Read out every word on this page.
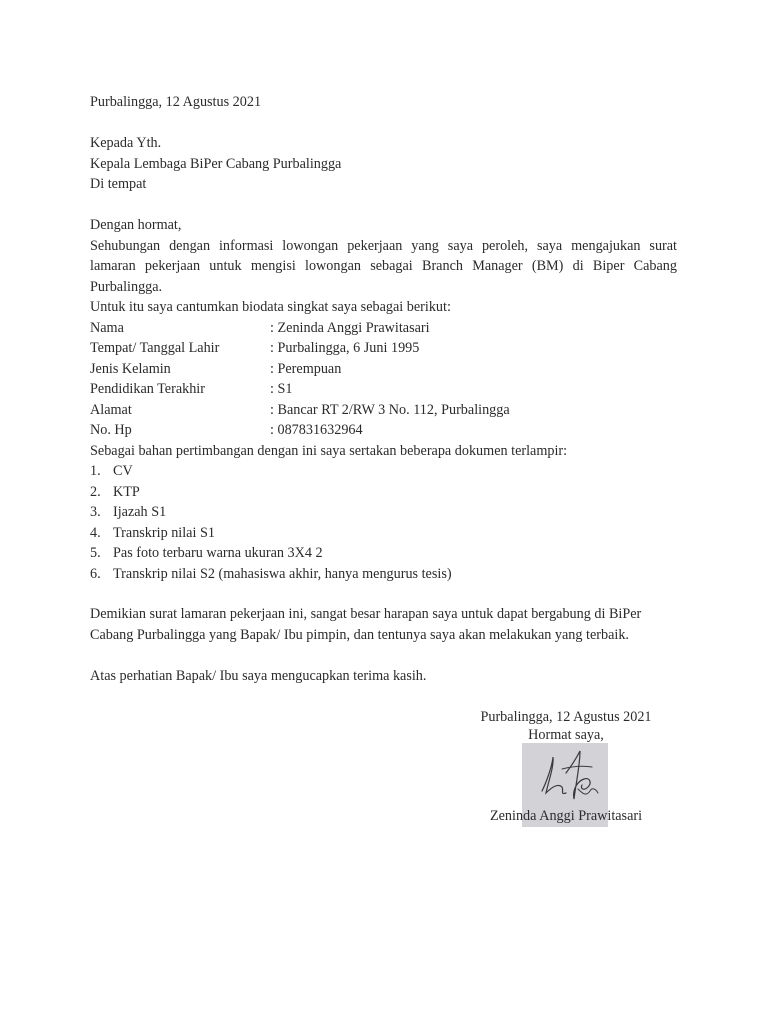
Purbalingga, 12 Agustus 2021
Kepada Yth.
Kepala Lembaga BiPer Cabang Purbalingga
Di tempat
Dengan hormat,
Sehubungan dengan informasi lowongan pekerjaan yang saya peroleh, saya mengajukan surat
lamaran pekerjaan untuk mengisi lowongan sebagai Branch Manager (BM) di Biper Cabang
Purbalingga.
Untuk itu saya cantumkan biodata singkat saya sebagai berikut:
Nama	: Zeninda Anggi Prawitasari
Tempat/ Tanggal Lahir	: Purbalingga, 6 Juni 1995
Jenis Kelamin	: Perempuan
Pendidikan Terakhir	: S1
Alamat	: Bancar RT 2/RW 3 No. 112, Purbalingga
No. Hp	: 087831632964
Sebagai bahan pertimbangan dengan ini saya sertakan beberapa dokumen terlampir:
1. CV
2. KTP
3. Ijazah S1
4. Transkrip nilai S1
5. Pas foto terbaru warna ukuran 3X4 2
6. Transkrip nilai S2 (mahasiswa akhir, hanya mengurus tesis)
Demikian surat lamaran pekerjaan ini, sangat besar harapan saya untuk dapat bergabung di BiPer
Cabang Purbalingga yang Bapak/ Ibu pimpin, dan tentunya saya akan melakukan yang terbaik.
Atas perhatian Bapak/ Ibu saya mengucapkan terima kasih.
Purbalingga, 12 Agustus 2021
Hormat saya,
Zeninda Anggi Prawitasari
